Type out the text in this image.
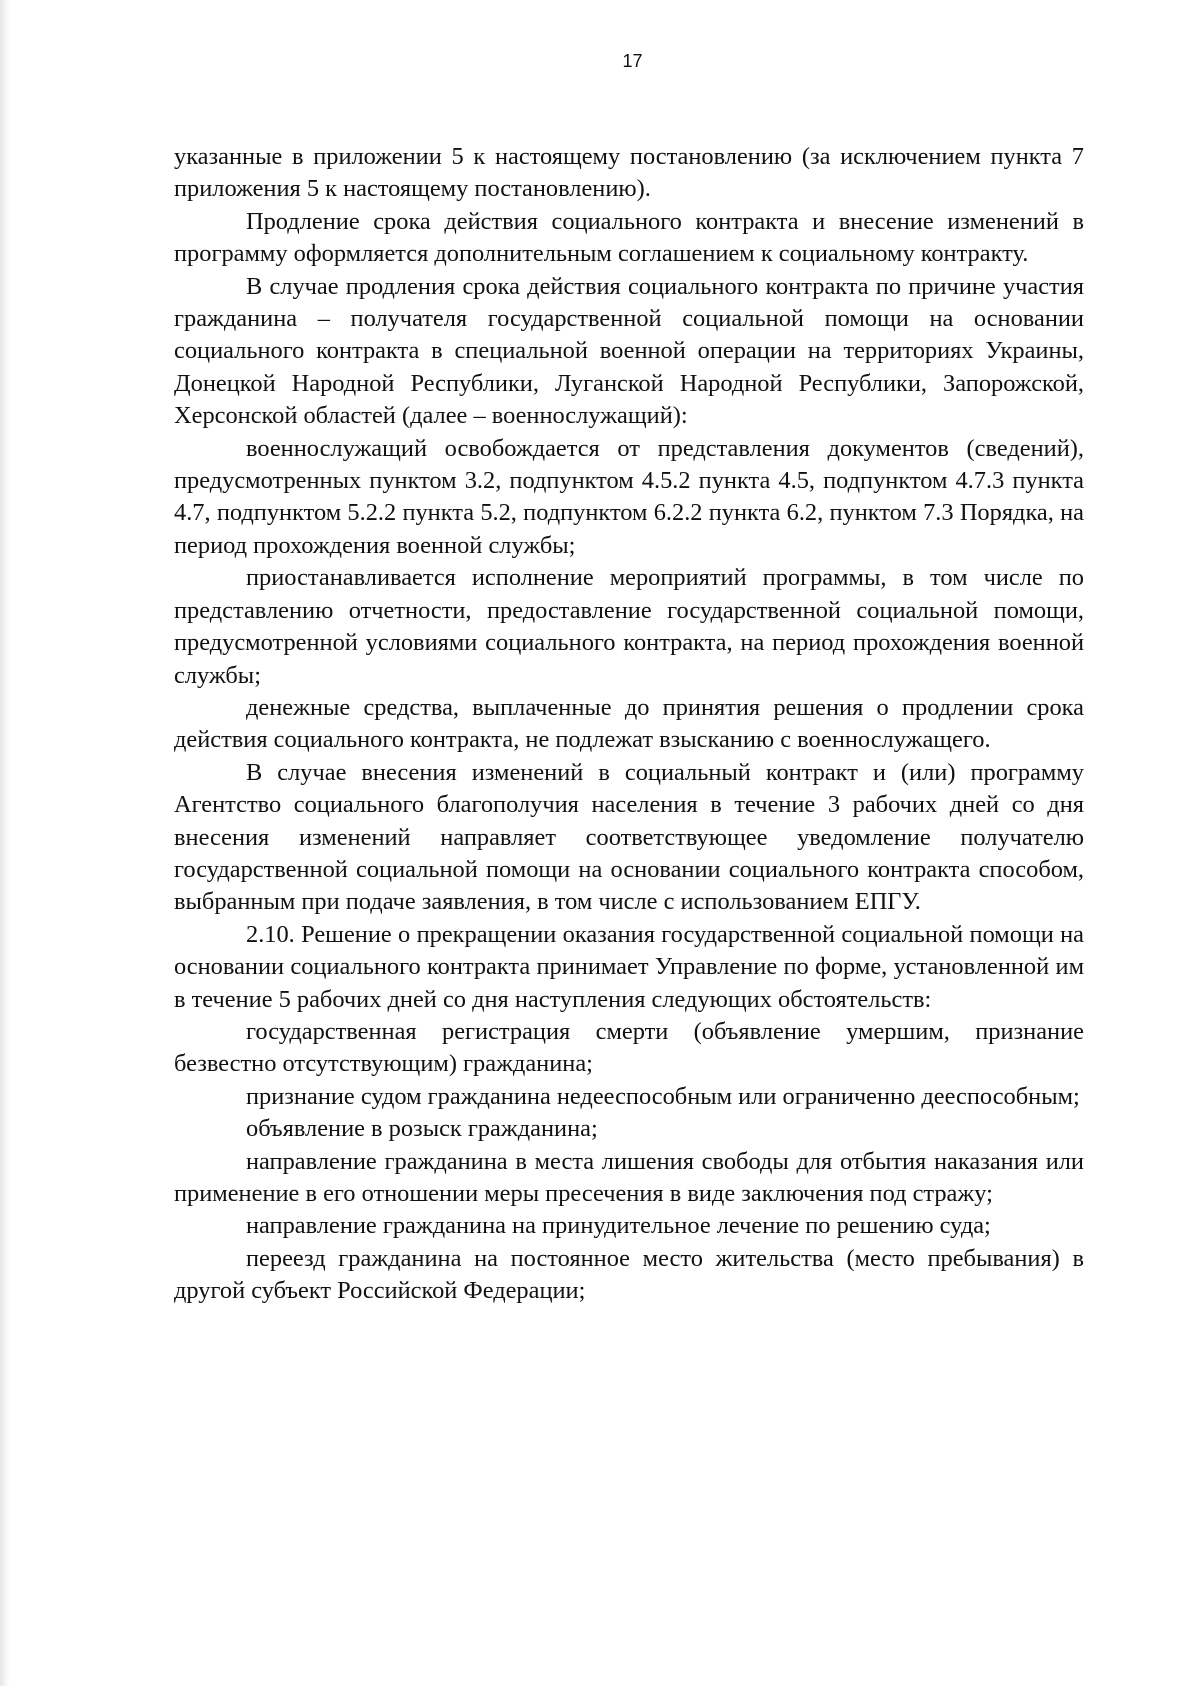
17

указанные в приложении 5 к настоящему постановлению (за исключением пункта 7 приложения 5 к настоящему постановлению).

Продление срока действия социального контракта и внесение изменений в программу оформляется дополнительным соглашением к социальному контракту.

В случае продления срока действия социального контракта по причине участия гражданина – получателя государственной социальной помощи на основании социального контракта в специальной военной операции на территориях Украины, Донецкой Народной Республики, Луганской Народной Республики, Запорожской, Херсонской областей (далее – военнослужащий):

военнослужащий освобождается от представления документов (сведений), предусмотренных пунктом 3.2, подпунктом 4.5.2 пункта 4.5, подпунктом 4.7.3 пункта 4.7, подпунктом 5.2.2 пункта 5.2, подпунктом 6.2.2 пункта 6.2, пунктом 7.3 Порядка, на период прохождения военной службы;

приостанавливается исполнение мероприятий программы, в том числе по представлению отчетности, предоставление государственной социальной помощи, предусмотренной условиями социального контракта, на период прохождения военной службы;

денежные средства, выплаченные до принятия решения о продлении срока действия социального контракта, не подлежат взысканию с военнослужащего.

В случае внесения изменений в социальный контракт и (или) программу Агентство социального благополучия населения в течение 3 рабочих дней со дня внесения изменений направляет соответствующее уведомление получателю государственной социальной помощи на основании социального контракта способом, выбранным при подаче заявления, в том числе с использованием ЕПГУ.

2.10. Решение о прекращении оказания государственной социальной помощи на основании социального контракта принимает Управление по форме, установленной им в течение 5 рабочих дней со дня наступления следующих обстоятельств:

государственная регистрация смерти (объявление умершим, признание безвестно отсутствующим) гражданина;

признание судом гражданина недееспособным или ограниченно дееспособным;

объявление в розыск гражданина;

направление гражданина в места лишения свободы для отбытия наказания или применение в его отношении меры пресечения в виде заключения под стражу;

направление гражданина на принудительное лечение по решению суда;

переезд гражданина на постоянное место жительства (место пребывания) в другой субъект Российской Федерации;
